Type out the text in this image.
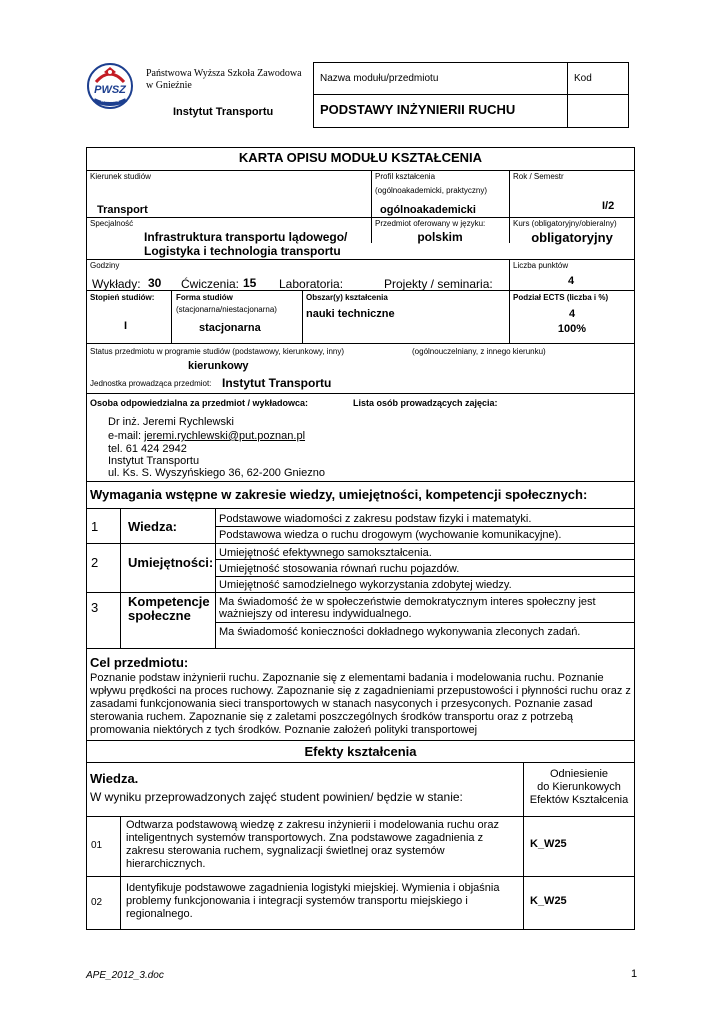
PWSZ
Gniezno
Państwowa Wyższa Szkoła Zawodowa
w Gnieźnie
Instytut Transportu
Nazwa modułu/przedmiotu	Kod
PODSTAWY INŻYNIERII RUCHU
KARTA OPISU MODUŁU KSZTAŁCENIA
Kierunek studiów
Transport
Profil kształcenia
(ogólnoakademicki, praktyczny)
ogólnoakademicki
Rok / Semestr
I/2
Specjalność
Infrastruktura transportu lądowego/
Logistyka i technologia transportu
Przedmiot oferowany w języku:
polskim
Kurs (obligatoryjny/obieralny)
obligatoryjny
Godziny
Wykłady: 30 Ćwiczenia: 15 Laboratoria:	Projekty / seminaria:
Liczba punktów
4
Stopień studiów:
I
Forma studiów
(stacjonarna/niestacjonarna)
stacjonarna
Obszar(y) kształcenia
nauki techniczne
Podział ECTS (liczba i %)
4
100%
Status przedmiotu w programie studiów (podstawowy, kierunkowy, inny)	(ogólnouczelniany, z innego kierunku)
kierunkowy
Jednostka prowadząca przedmiot: Instytut Transportu
Osoba odpowiedzialna za przedmiot / wykładowca:	Lista osób prowadzących zajęcia:
Dr inż. Jeremi Rychlewski
e-mail: jeremi.rychlewski@put.poznan.pl
tel. 61 424 2942
Instytut Transportu
ul. Ks. S. Wyszyńskiego 36, 62-200 Gniezno
Wymagania wstępne w zakresie wiedzy, umiejętności, kompetencji społecznych:
1 Wiedza:	Podstawowe wiadomości z zakresu podstaw fizyki i matematyki.
Podstawowa wiedza o ruchu drogowym (wychowanie komunikacyjne).
2 Umiejętności:
Umiejętność efektywnego samokształcenia.
Umiejętność stosowania równań ruchu pojazdów.
Umiejętność samodzielnego wykorzystania zdobytej wiedzy.
3 Kompetencje
społeczne
Ma świadomość że w społeczeństwie demokratycznym interes społeczny jest
ważniejszy od interesu indywidualnego.
Ma świadomość konieczności dokładnego wykonywania zleconych zadań.
Cel przedmiotu:
Poznanie podstaw inżynierii ruchu. Zapoznanie się z elementami badania i modelowania ruchu. Poznanie
wpływu prędkości na proces ruchowy. Zapoznanie się z zagadnieniami przepustowości i płynności ruchu oraz z
zasadami funkcjonowania sieci transportowych w stanach nasyconych i przesyconych. Poznanie zasad
sterowania ruchem. Zapoznanie się z zaletami poszczególnych środków transportu oraz z potrzebą
promowania niektórych z tych środków. Poznanie założeń polityki transportowej
Efekty kształcenia
Wiedza.
W wyniku przeprowadzonych zajęć student powinien/ będzie w stanie:
Odniesienie
do Kierunkowych
Efektów Kształcenia
01
Odtwarza podstawową wiedzę z zakresu inżynierii i modelowania ruchu oraz
inteligentnych systemów transportowych. Zna podstawowe zagadnienia z
zakresu sterowania ruchem, sygnalizacji świetlnej oraz systemów
hierarchicznych.
K_W25
02
Identyfikuje podstawowe zagadnienia logistyki miejskiej. Wymienia i objaśnia
problemy funkcjonowania i integracji systemów transportu miejskiego i
regionalnego.
K_W25
APE_2012_3.doc	1
